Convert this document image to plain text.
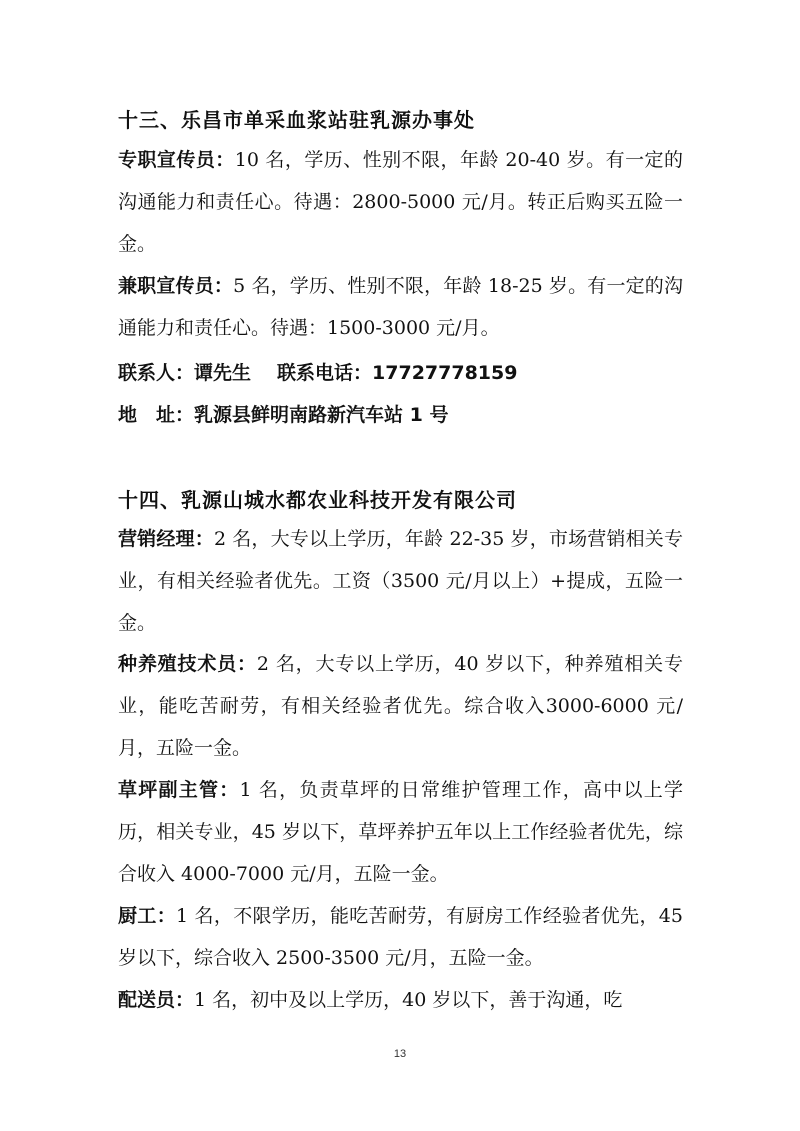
十三、乐昌市单采血浆站驻乳源办事处

专职宣传员：10 名，学历、性别不限，年龄 20-40 岁。有一定的沟通能力和责任心。待遇：2800-5000 元/月。转正后购买五险一金。

兼职宣传员：5 名，学历、性别不限，年龄 18-25 岁。有一定的沟通能力和责任心。待遇：1500-3000 元/月。

联系人：谭先生 联系电话：17727778159

地　址：乳源县鲜明南路新汽车站 1 号

十四、乳源山城水都农业科技开发有限公司

营销经理：2 名，大专以上学历，年龄 22-35 岁，市场营销相关专业，有相关经验者优先。工资（3500 元/月以上）+提成，五险一金。

种养殖技术员：2 名，大专以上学历，40 岁以下，种养殖相关专业，能吃苦耐劳，有相关经验者优先。综合收入3000-6000 元/月，五险一金。

草坪副主管：1 名，负责草坪的日常维护管理工作，高中以上学历，相关专业，45 岁以下，草坪养护五年以上工作经验者优先，综合收入 4000-7000 元/月，五险一金。

厨工：1 名，不限学历，能吃苦耐劳，有厨房工作经验者优先，45 岁以下，综合收入 2500-3500 元/月，五险一金。

配送员：1 名，初中及以上学历，40 岁以下，善于沟通，吃

13
